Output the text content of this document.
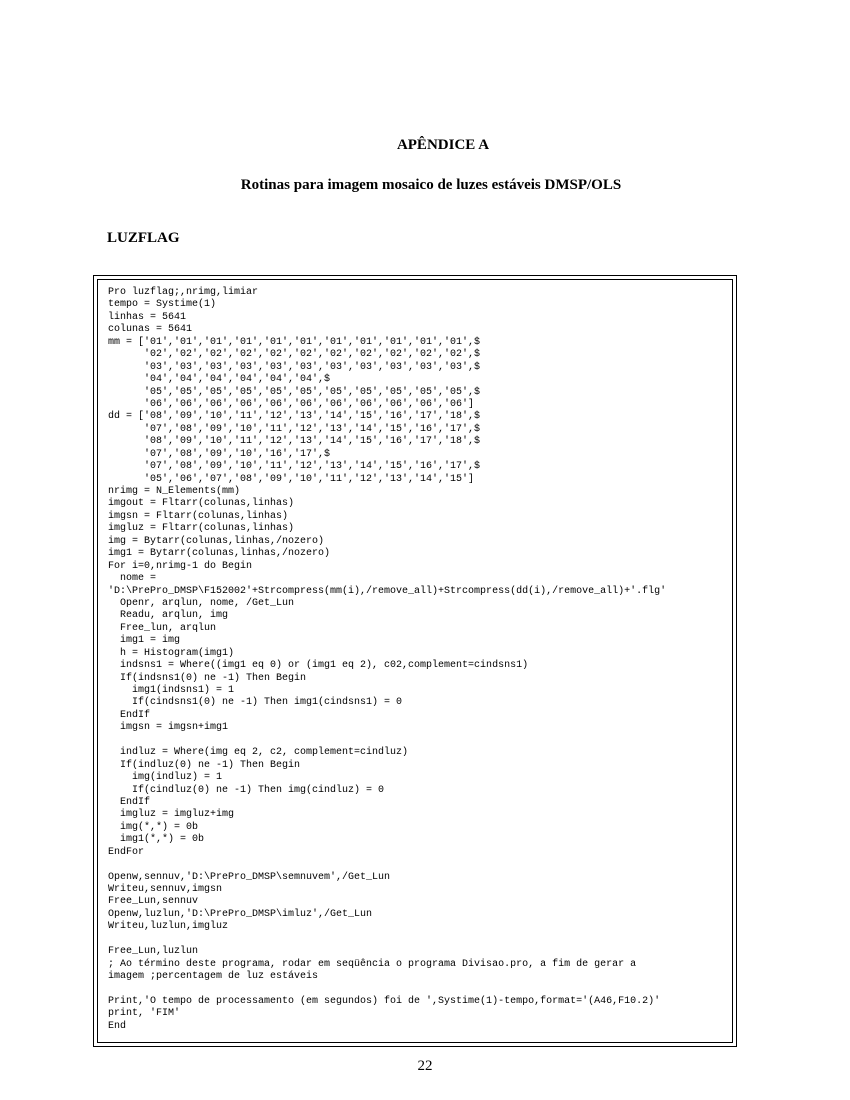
APÊNDICE A
Rotinas para imagem mosaico de luzes estáveis DMSP/OLS
LUZFLAG
Pro luzflag;,nrimg,limiar
tempo = Systime(1)
linhas = 5641
colunas = 5641
mm = ['01','01','01','01','01','01','01','01','01','01','01',$
'02','02','02','02','02','02','02','02','02','02','02',$
'03','03','03','03','03','03','03','03','03','03','03',$
'04','04','04','04','04','04',$
'05','05','05','05','05','05','05','05','05','05','05',$
'06','06','06','06','06','06','06','06','06','06','06']
dd = ['08','09','10','11','12','13','14','15','16','17','18',$
'07','08','09','10','11','12','13','14','15','16','17',$
'08','09','10','11','12','13','14','15','16','17','18',$
'07','08','09','10','16','17',$
'07','08','09','10','11','12','13','14','15','16','17',$
'05','06','07','08','09','10','11','12','13','14','15']
nrimg = N_Elements(mm)
imgout = Fltarr(colunas,linhas)
imgsn = Fltarr(colunas,linhas)
imgluz = Fltarr(colunas,linhas)
img = Bytarr(colunas,linhas,/nozero)
img1 = Bytarr(colunas,linhas,/nozero)
For i=0,nrimg-1 do Begin
nome =
'D:\PrePro_DMSP\F152002'+Strcompress(mm(i),/remove_all)+Strcompress(dd(i),/remove_all)+'.flg'
Openr, arqlun, nome, /Get_Lun
Readu, arqlun, img
Free_lun, arqlun
img1 = img
h = Histogram(img1)
indsns1 = Where((img1 eq 0) or (img1 eq 2), c02,complement=cindsns1)
If(indsns1(0) ne -1) Then Begin
img1(indsns1) = 1
If(cindsns1(0) ne -1) Then img1(cindsns1) = 0
EndIf
imgsn = imgsn+img1
indluz = Where(img eq 2, c2, complement=cindluz)
If(indluz(0) ne -1) Then Begin
img(indluz) = 1
If(cindluz(0) ne -1) Then img(cindluz) = 0
EndIf
imgluz = imgluz+img
img(*,*) = 0b
img1(*,*) = 0b
EndFor
Openw,sennuv,'D:\PrePro_DMSP\semnuvem',/Get_Lun
Writeu,sennuv,imgsn
Free_Lun,sennuv
Openw,luzlun,'D:\PrePro_DMSP\imluz',/Get_Lun
Writeu,luzlun,imgluz
Free_Lun,luzlun
; Ao término deste programa, rodar em seqüência o programa Divisao.pro, a fim de gerar a
imagem ;percentagem de luz estáveis
Print,'O tempo de processamento (em segundos) foi de ',Systime(1)-tempo,format='(A46,F10.2)'
print, 'FIM'
End

22
